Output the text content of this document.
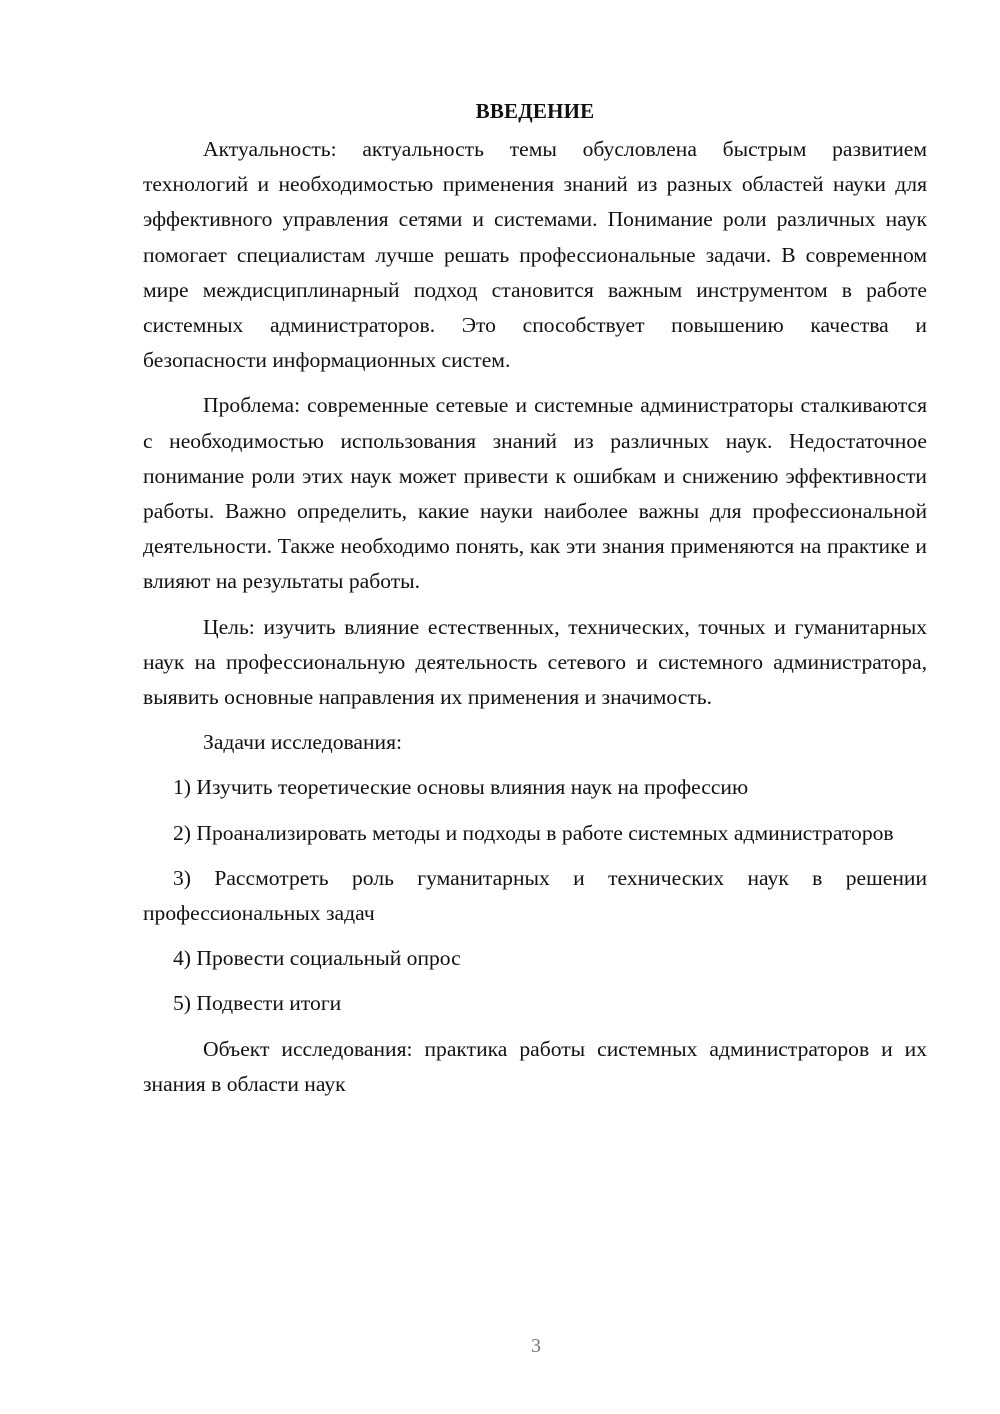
ВВЕДЕНИЕ

Актуальность: актуальность темы обусловлена быстрым развитием технологий и необходимостью применения знаний из разных областей науки для эффективного управления сетями и системами. Понимание роли различных наук помогает специалистам лучше решать профессиональные задачи. В современном мире междисциплинарный подход становится важным инструментом в работе системных администраторов. Это способствует повышению качества и безопасности информационных систем.

Проблема: современные сетевые и системные администраторы сталкиваются с необходимостью использования знаний из различных наук. Недостаточное понимание роли этих наук может привести к ошибкам и снижению эффективности работы. Важно определить, какие науки наиболее важны для профессиональной деятельности. Также необходимо понять, как эти знания применяются на практике и влияют на результаты работы.

Цель: изучить влияние естественных, технических, точных и гуманитарных наук на профессиональную деятельность сетевого и системного администратора, выявить основные направления их применения и значимость.

Задачи исследования:

1) Изучить теоретические основы влияния наук на профессию

2) Проанализировать методы и подходы в работе системных администраторов

3) Рассмотреть роль гуманитарных и технических наук в решении профессиональных задач

4) Провести социальный опрос

5) Подвести итоги

Объект исследования: практика работы системных администраторов и их знания в области наук

3
